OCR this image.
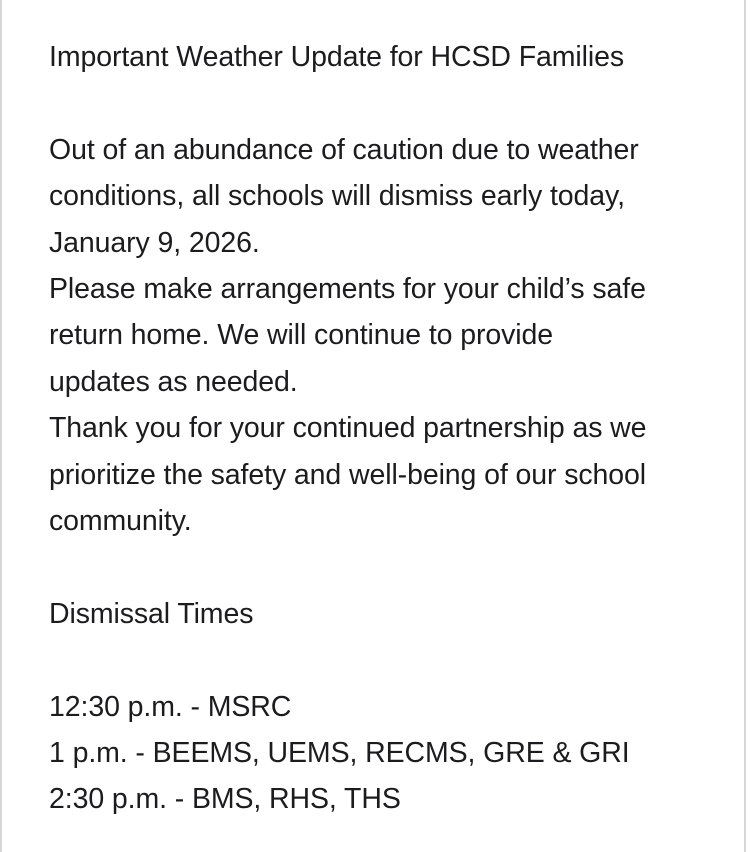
Important Weather Update for HCSD Families
Out of an abundance of caution due to weather
conditions, all schools will dismiss early today,
January 9, 2026.
Please make arrangements for your child’s safe
return home. We will continue to provide
updates as needed.
Thank you for your continued partnership as we
prioritize the safety and well-being of our school
community.
Dismissal Times
12:30 p.m. - MSRC
1 p.m. - BEEMS, UEMS, RECMS, GRE & GRI
2:30 p.m. - BMS, RHS, THS
